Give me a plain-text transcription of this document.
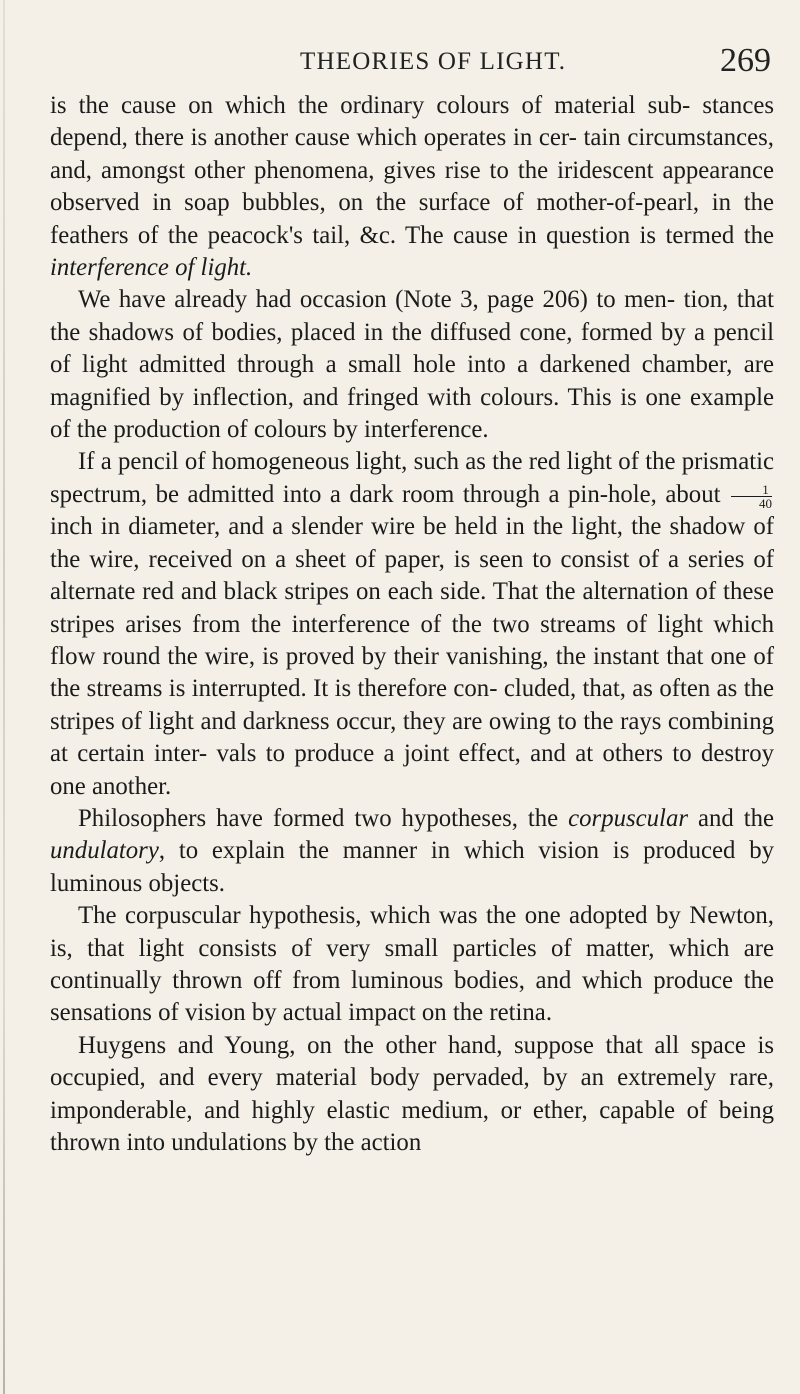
THEORIES OF LIGHT.	269

is the cause on which the ordinary colours of material sub- stances depend, there is another cause which operates in cer- tain circumstances, and, amongst other phenomena, gives rise to the iridescent appearance observed in soap bubbles, on the surface of mother-of-pearl, in the feathers of the peacock's tail, &c. The cause in question is termed the interference of light.

We have already had occasion (Note 3, page 206) to men- tion, that the shadows of bodies, placed in the diffused cone, formed by a pencil of light admitted through a small hole into a darkened chamber, are magnified by inflection, and fringed with colours. This is one example of the production of colours by interference.

If a pencil of homogeneous light, such as the red light of the prismatic spectrum, be admitted into a dark room through a pin-hole, about $\frac{1}{40}$
inch in diameter, and a slender wire be held in the light, the shadow of the wire, received on a sheet of paper, is seen to consist of a series of alternate red and black stripes on each side. That the alternation of these stripes arises from the interference of the two streams of light which flow round the wire, is proved by their vanishing, the instant that one of the streams is interrupted. It is therefore con- cluded, that, as often as the stripes of light and darkness occur, they are owing to the rays combining at certain inter- vals to produce a joint effect, and at others to destroy one another.

Philosophers have formed two hypotheses, the corpuscular and the undulatory, to explain the manner in which vision is produced by luminous objects.

The corpuscular hypothesis, which was the one adopted by Newton, is, that light consists of very small particles of matter, which are continually thrown off from luminous bodies, and which produce the sensations of vision by actual impact on the retina.

Huygens and Young, on the other hand, suppose that all space is occupied, and every material body pervaded, by an extremely rare, imponderable, and highly elastic medium, or ether, capable of being thrown into undulations by the action
